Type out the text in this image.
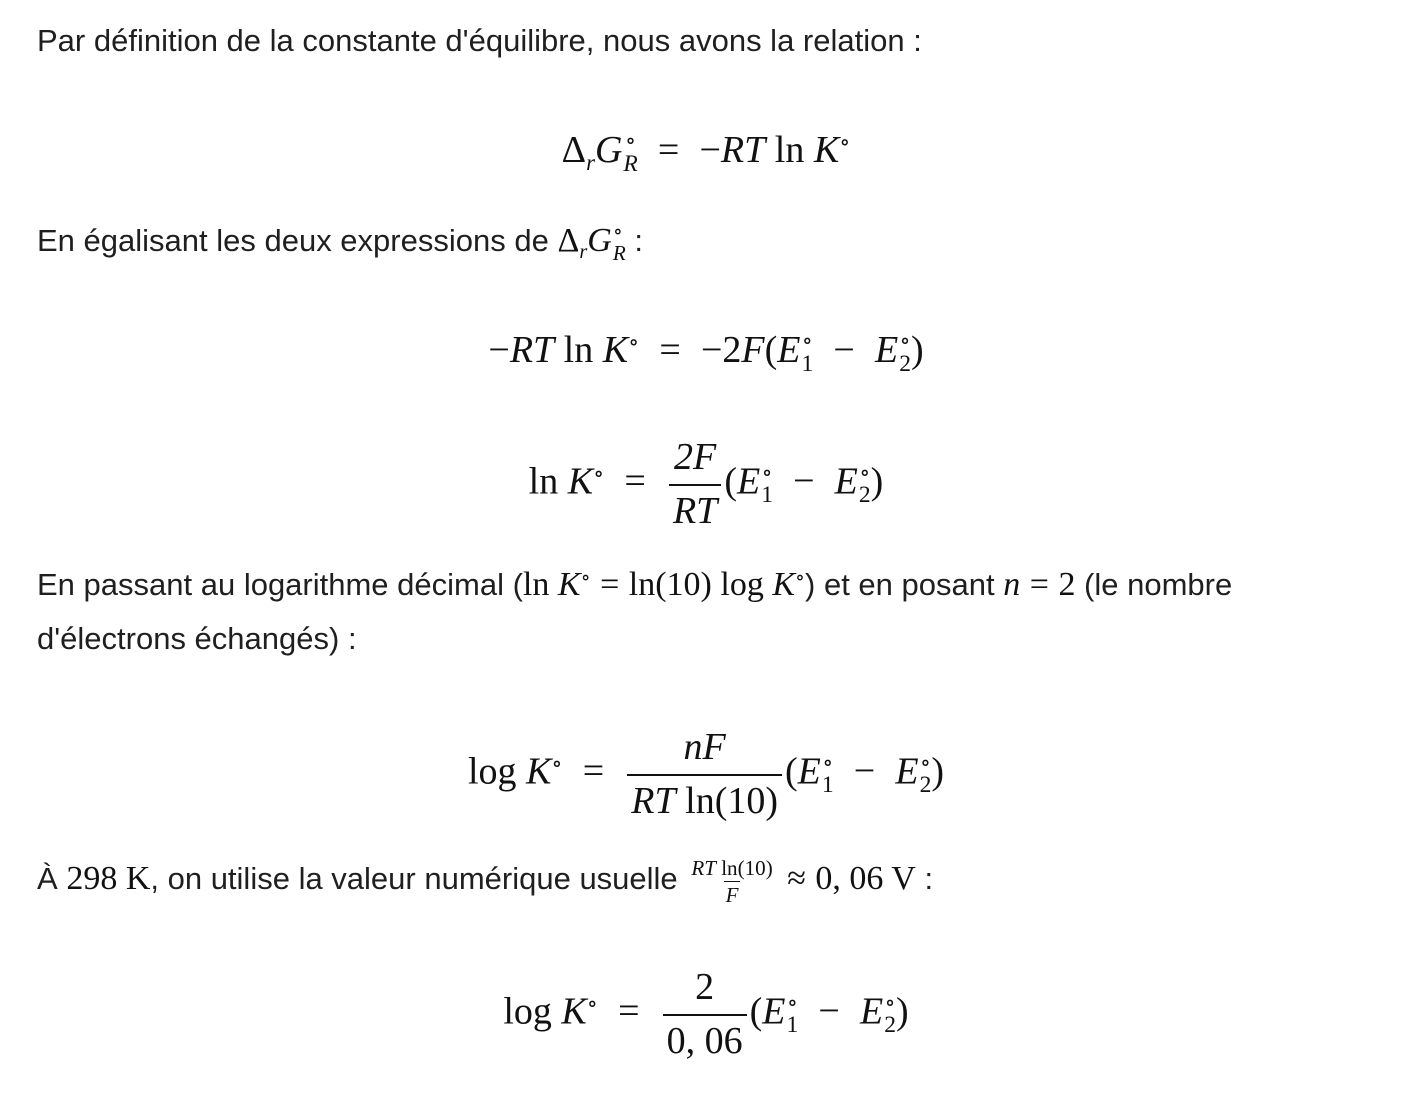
Par définition de la constante d'équilibre, nous avons la relation :
$\Delta_rG$ ∘
R = −RT ln K∘
En égalisant les deux expressions de $\Delta_rG$ ∘
R :
−RT ln K∘ = −2F(E ∘
1 − E ∘
2 )
$\ln K^\circ = \frac{2F}{RT} (E$ ∘
1 − E ∘
2 )
En passant au logarithme décimal (ln K∘ = ln(10) log K∘) et en posant n = 2 (le nombre d'électrons échangés) :
$\log K^\circ = \frac{nF}{\text{RT ln(10)}} (E$ ∘
1 − E ∘
2 )
À 298 K, on utilise la valeur numérique usuelle $\frac{\text{RT ln(10)}}{F} \approx 0$, 06 V :
$\log K^\circ = \frac{2}{0, 06} (E$ ∘
1 − E ∘
2 )
